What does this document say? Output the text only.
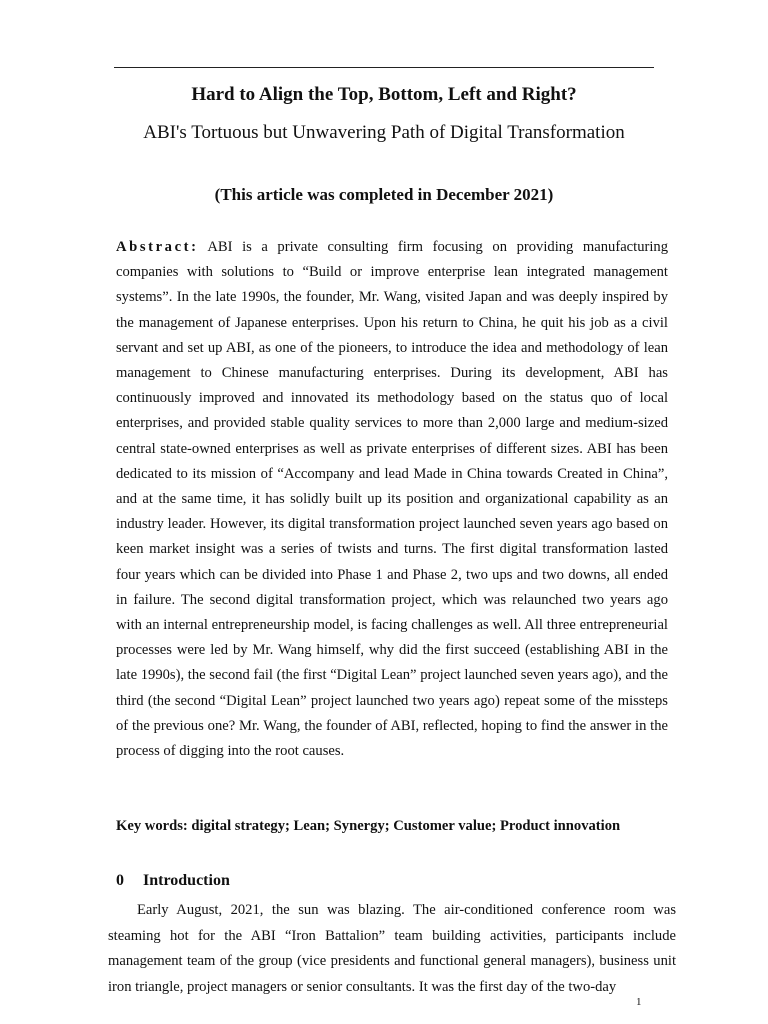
Hard to Align the Top, Bottom, Left and Right?
ABI's Tortuous but Unwavering Path of Digital Transformation

(This article was completed in December 2021)

Abstract: ABI is a private consulting firm focusing on providing manufacturing companies with solutions to “Build or improve enterprise lean integrated management systems”. In the late 1990s, the founder, Mr. Wang, visited Japan and was deeply inspired by the management of Japanese enterprises. Upon his return to China, he quit his job as a civil servant and set up ABI, as one of the pioneers, to introduce the idea and methodology of lean management to Chinese manufacturing enterprises. During its development, ABI has continuously improved and innovated its methodology based on the status quo of local enterprises, and provided stable quality services to more than 2,000 large and medium-sized central state-owned enterprises as well as private enterprises of different sizes. ABI has been dedicated to its mission of “Accompany and lead Made in China towards Created in China”, and at the same time, it has solidly built up its position and organizational capability as an industry leader. However, its digital transformation project launched seven years ago based on keen market insight was a series of twists and turns. The first digital transformation lasted four years which can be divided into Phase 1 and Phase 2, two ups and two downs, all ended in failure. The second digital transformation project, which was relaunched two years ago with an internal entrepreneurship model, is facing challenges as well. All three entrepreneurial processes were led by Mr. Wang himself, why did the first succeed (establishing ABI in the late 1990s), the second fail (the first “Digital Lean” project launched seven years ago), and the third (the second “Digital Lean” project launched two years ago) repeat some of the missteps of the previous one? Mr. Wang, the founder of ABI, reflected, hoping to find the answer in the process of digging into the root causes.

Key words: digital strategy; Lean; Synergy; Customer value; Product innovation

0 Introduction

Early August, 2021, the sun was blazing. The air-conditioned conference room was steaming hot for the ABI “Iron Battalion” team building activities, participants include management team of the group (vice presidents and functional general managers), business unit iron triangle, project managers or senior consultants. It was the first day of the two-day

1
